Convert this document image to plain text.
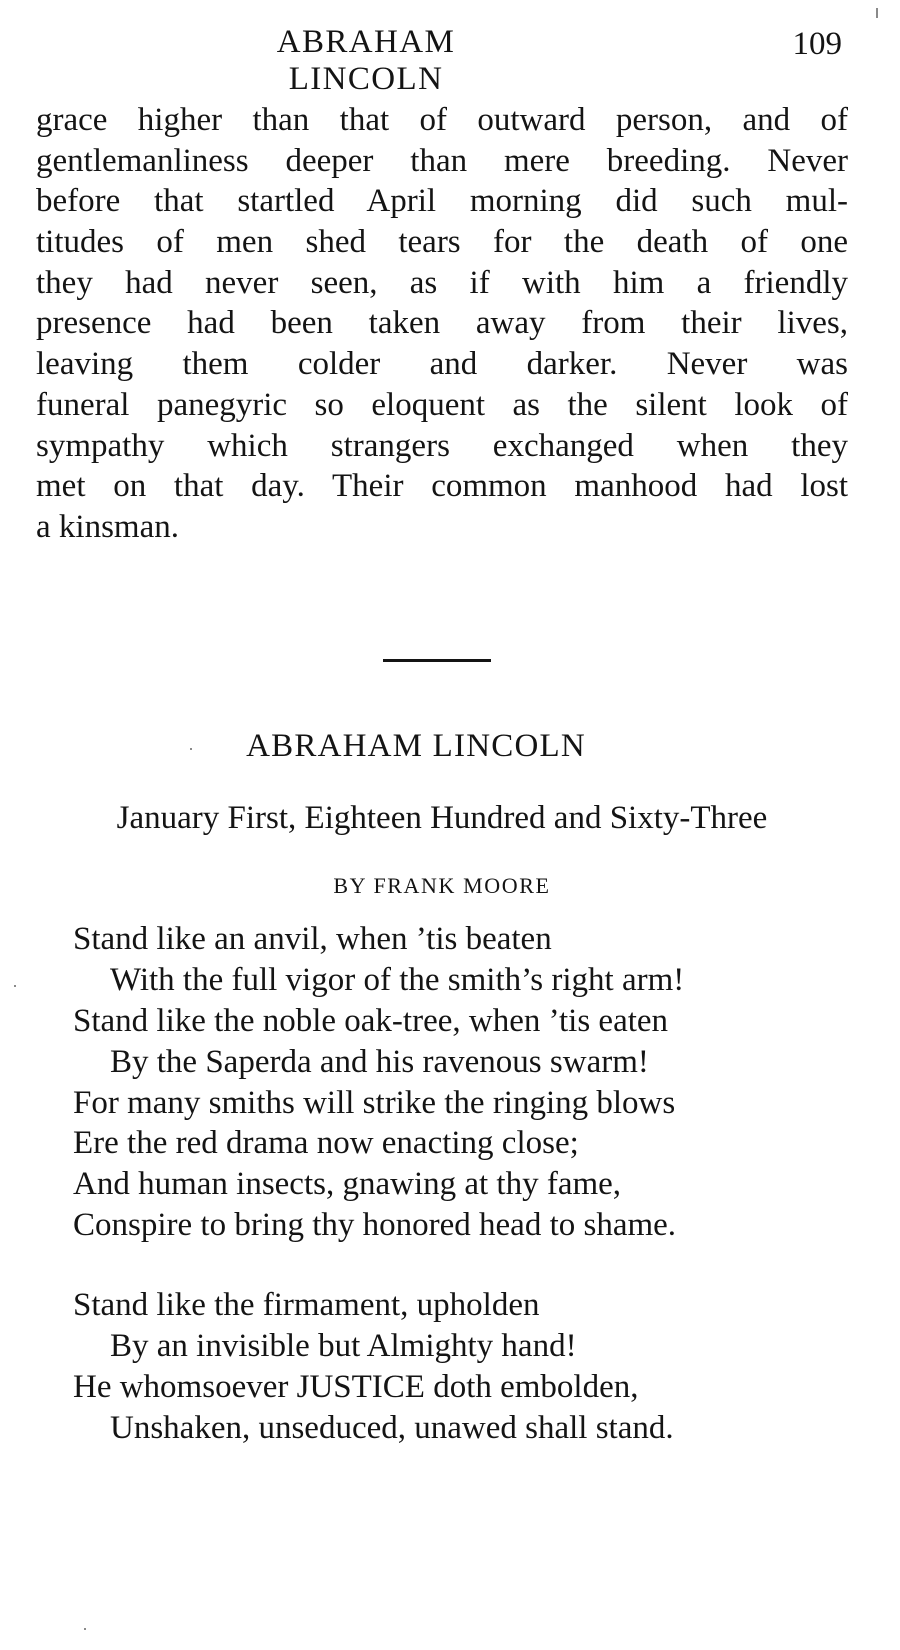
ABRAHAM LINCOLN
109
grace higher than that of outward person, and of
gentlemanliness deeper than mere breeding. Never
before that startled April morning did such mul-
titudes of men shed tears for the death of one
they had never seen, as if with him a friendly
presence had been taken away from their lives,
leaving them colder and darker. Never was
funeral panegyric so eloquent as the silent look of
sympathy which strangers exchanged when they
met on that day. Their common manhood had lost
a kinsman.
ABRAHAM LINCOLN
January First, Eighteen Hundred and Sixty-Three
BY FRANK MOORE
Stand like an anvil, when ’tis beaten
With the full vigor of the smith’s right arm!
Stand like the noble oak-tree, when ’tis eaten
By the Saperda and his ravenous swarm!
For many smiths will strike the ringing blows
Ere the red drama now enacting close;
And human insects, gnawing at thy fame,
Conspire to bring thy honored head to shame.
Stand like the firmament, upholden
By an invisible but Almighty hand!
He whomsoever JUSTICE doth embolden,
Unshaken, unseduced, unawed shall stand.
